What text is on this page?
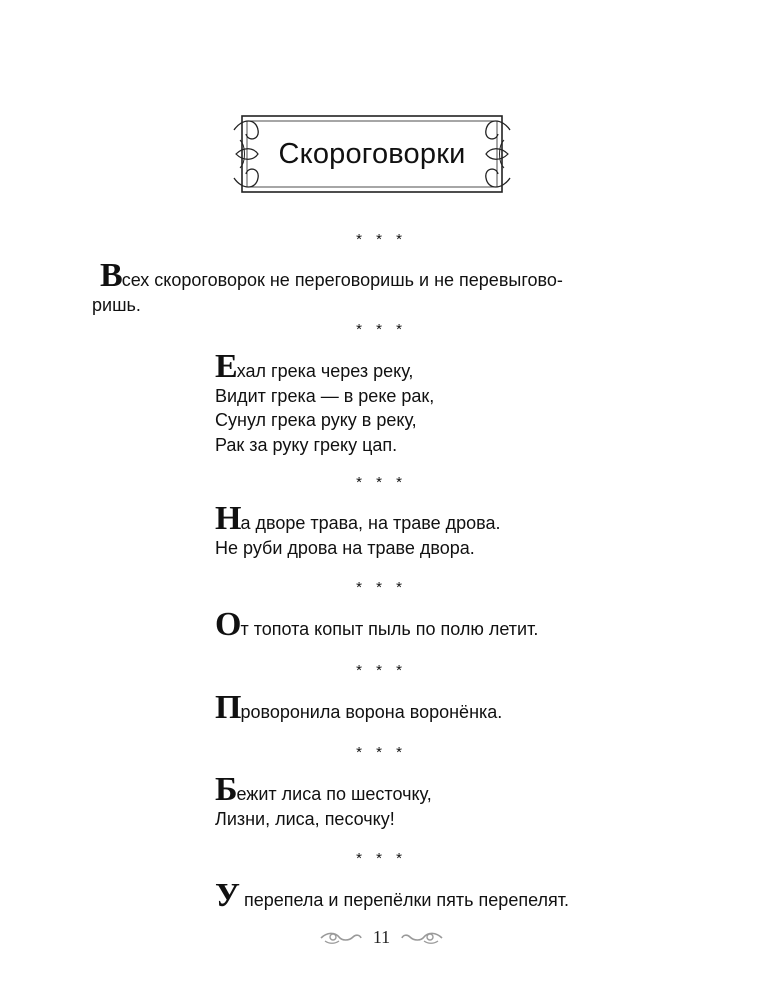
Скороговорки
* * *
Всех скороговорок не переговоришь и не перевыгово-
ришь.
* * *
Ехал грека через реку,
Видит грека — в реке рак,
Сунул грека руку в реку,
Рак за руку греку цап.
* * *
На дворе трава, на траве дрова.
Не руби дрова на траве двора.
* * *
От топота копыт пыль по полю летит.
* * *
Проворонила ворона воронёнка.
* * *
Бежит лиса по шесточку,
Лизни, лиса, песочку!
* * *
У перепела и перепёлки пять перепелят.
11
